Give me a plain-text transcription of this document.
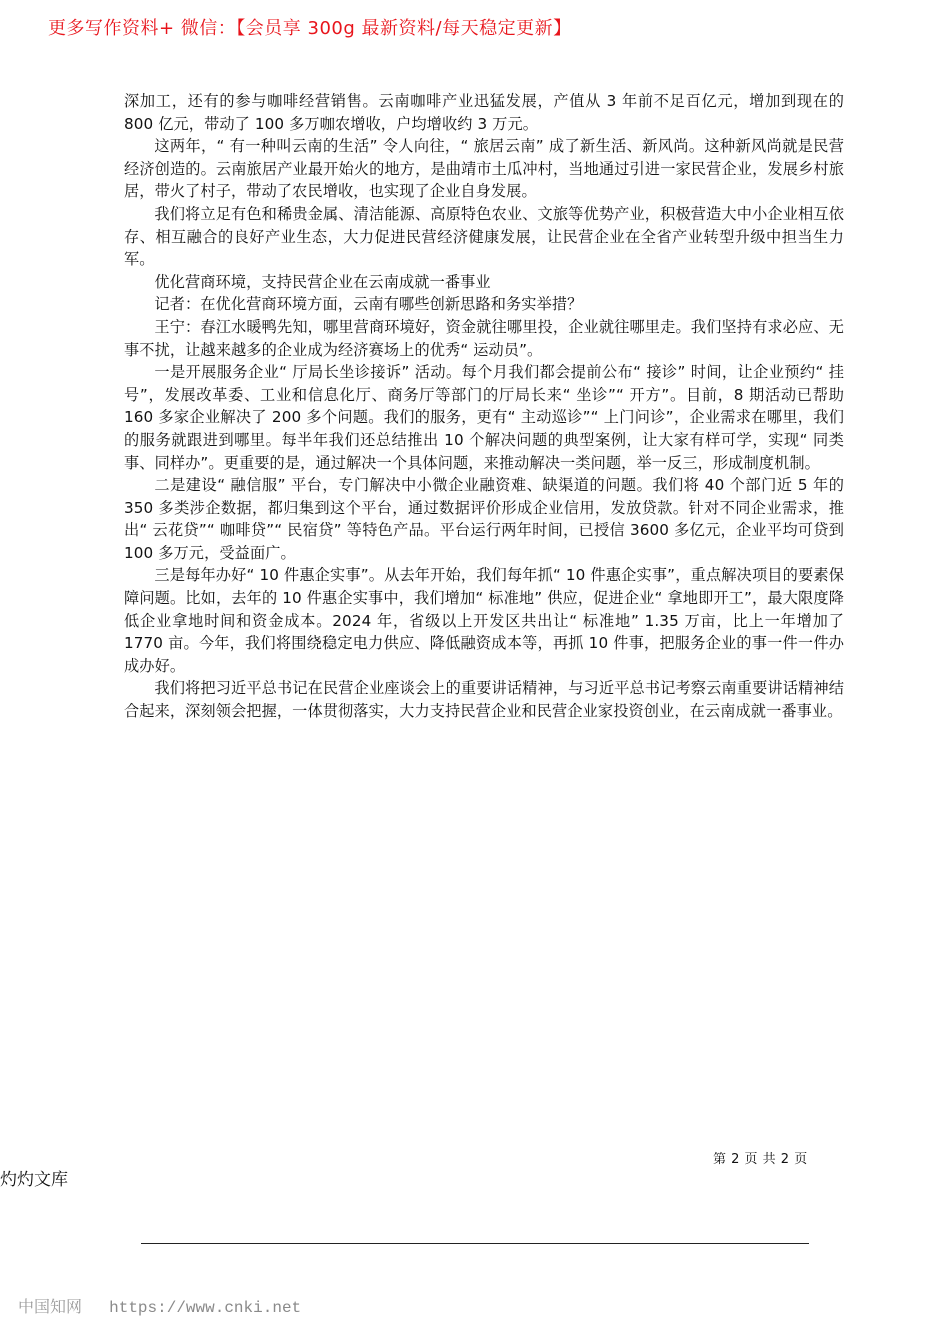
更多写作资料+ 微信：【会员享 300g 最新资料/每天稳定更新】

深加工，还有的参与咖啡经营销售。云南咖啡产业迅猛发展，产值从 3 年前不足百亿元，增加到现在的 800 亿元，带动了 100 多万咖农增收，户均增收约 3 万元。

这两年，“ 有一种叫云南的生活” 令人向往，“ 旅居云南” 成了新生活、新风尚。这种新风尚就是民营经济创造的。云南旅居产业最开始火的地方，是曲靖市土瓜冲村，当地通过引进一家民营企业，发展乡村旅居，带火了村子，带动了农民增收，也实现了企业自身发展。

我们将立足有色和稀贵金属、清洁能源、高原特色农业、文旅等优势产业，积极营造大中小企业相互依存、相互融合的良好产业生态，大力促进民营经济健康发展，让民营企业在全省产业转型升级中担当生力军。

优化营商环境，支持民营企业在云南成就一番事业

记者：在优化营商环境方面，云南有哪些创新思路和务实举措？

王宁：春江水暖鸭先知，哪里营商环境好，资金就往哪里投，企业就往哪里走。我们坚持有求必应、无事不扰，让越来越多的企业成为经济赛场上的优秀“ 运动员”。

一是开展服务企业“ 厅局长坐诊接诉” 活动。每个月我们都会提前公布“ 接诊” 时间，让企业预约“ 挂号”，发展改革委、工业和信息化厅、商务厅等部门的厅局长来“ 坐诊”“ 开方”。目前，8 期活动已帮助 160 多家企业解决了 200 多个问题。我们的服务，更有“ 主动巡诊”“ 上门问诊”，企业需求在哪里，我们的服务就跟进到哪里。每半年我们还总结推出 10 个解决问题的典型案例，让大家有样可学，实现“ 同类事、同样办”。更重要的是，通过解决一个具体问题，来推动解决一类问题，举一反三，形成制度机制。

二是建设“ 融信服” 平台，专门解决中小微企业融资难、缺渠道的问题。我们将 40 个部门近 5 年的 350 多类涉企数据，都归集到这个平台，通过数据评价形成企业信用，发放贷款。针对不同企业需求，推出“ 云花贷”“ 咖啡贷”“ 民宿贷” 等特色产品。平台运行两年时间，已授信 3600 多亿元，企业平均可贷到 100 多万元，受益面广。

三是每年办好“ 10 件惠企实事”。从去年开始，我们每年抓“ 10 件惠企实事”，重点解决项目的要素保障问题。比如，去年的 10 件惠企实事中，我们增加“ 标准地” 供应，促进企业“ 拿地即开工”，最大限度降低企业拿地时间和资金成本。2024 年，省级以上开发区共出让“ 标准地” 1.35 万亩，比上一年增加了 1770 亩。今年，我们将围绕稳定电力供应、降低融资成本等，再抓 10 件事，把服务企业的事一件一件办成办好。

我们将把习近平总书记在民营企业座谈会上的重要讲话精神，与习近平总书记考察云南重要讲话精神结合起来，深刻领会把握，一体贯彻落实，大力支持民营企业和民营企业家投资创业，在云南成就一番事业。

第 2 页 共 2 页
灼灼文库
中国知网 https://www.cnki.net
